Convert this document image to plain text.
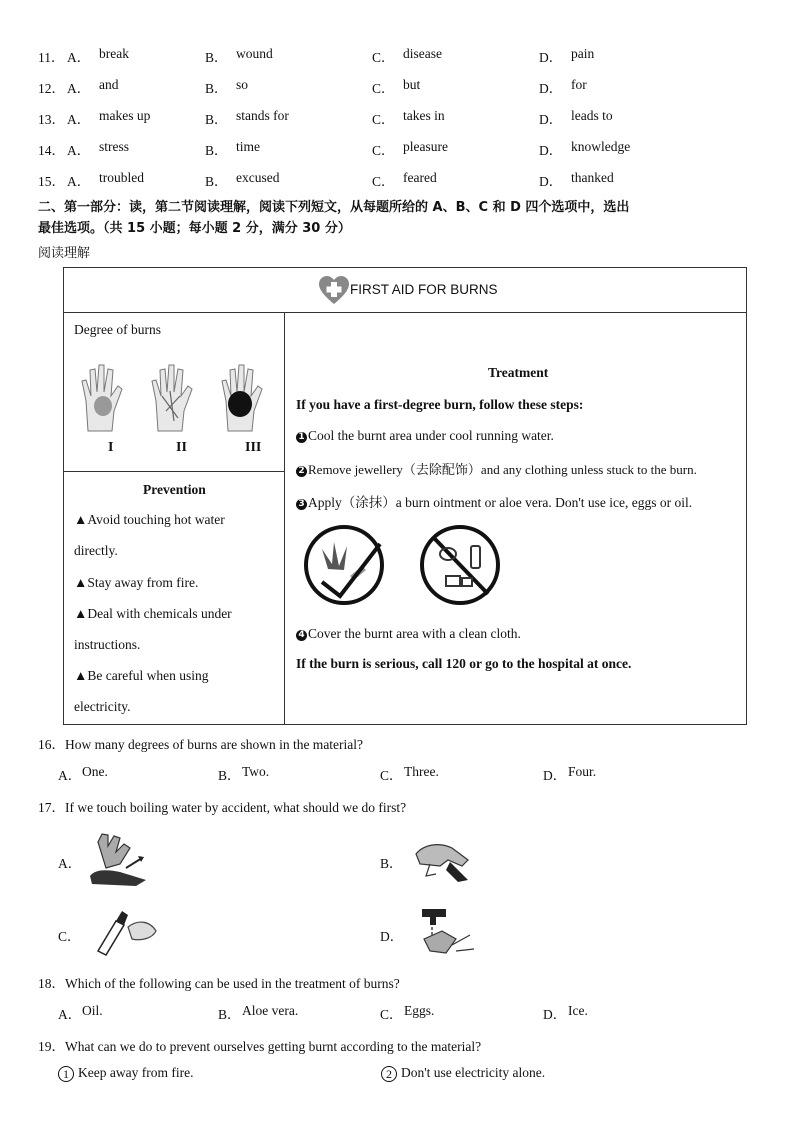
11． A． break	B． wound	C． disease	D． pain
12． A． and	B． so	C． but	D． for
13． A． makes up	B． stands for	C． takes in	D． leads to
14． A． stress	B． time	C． pleasure	D． knowledge
15． A． troubled	B． excused	C． feared	D． thanked
二、第一部分：读，第二节阅读理解，阅读下列短文，从每题所给的 A、B、C 和 D 四个选项中，选出
最佳选项。（共 15 小题；每小题 2 分，满分 30 分）
阅读理解
FIRST AID FOR BURNS
Degree of burns
I	II	III
Prevention
▲Avoid touching hot water
directly.
▲Stay away from fire.
▲Deal with chemicals under
instructions.
▲Be careful when using
electricity.
Treatment
If you have a first-degree burn, follow these steps:
1 Cool the burnt area under cool running water.
2 Remove jewellery（去除配饰）and any clothing unless stuck to the burn.
3 Apply（涂抹）a burn ointment or aloe vera. Don't use ice, eggs or oil.
4 Cover the burnt area with a clean cloth.
If the burn is serious, call 120 or go to the hospital at once.
16．How many degrees of burns are shown in the material?
A． One.	B． Two.	C． Three.	D． Four.
17．If we touch boiling water by accident, what should we do first?
A．	B．
C．	D．
18．Which of the following can be used in the treatment of burns?
A． Oil.	B． Aloe vera.	C． Eggs.	D． Ice.
19．What can we do to prevent ourselves getting burnt according to the material?
1 Keep away from fire.	2 Don't use electricity alone.
